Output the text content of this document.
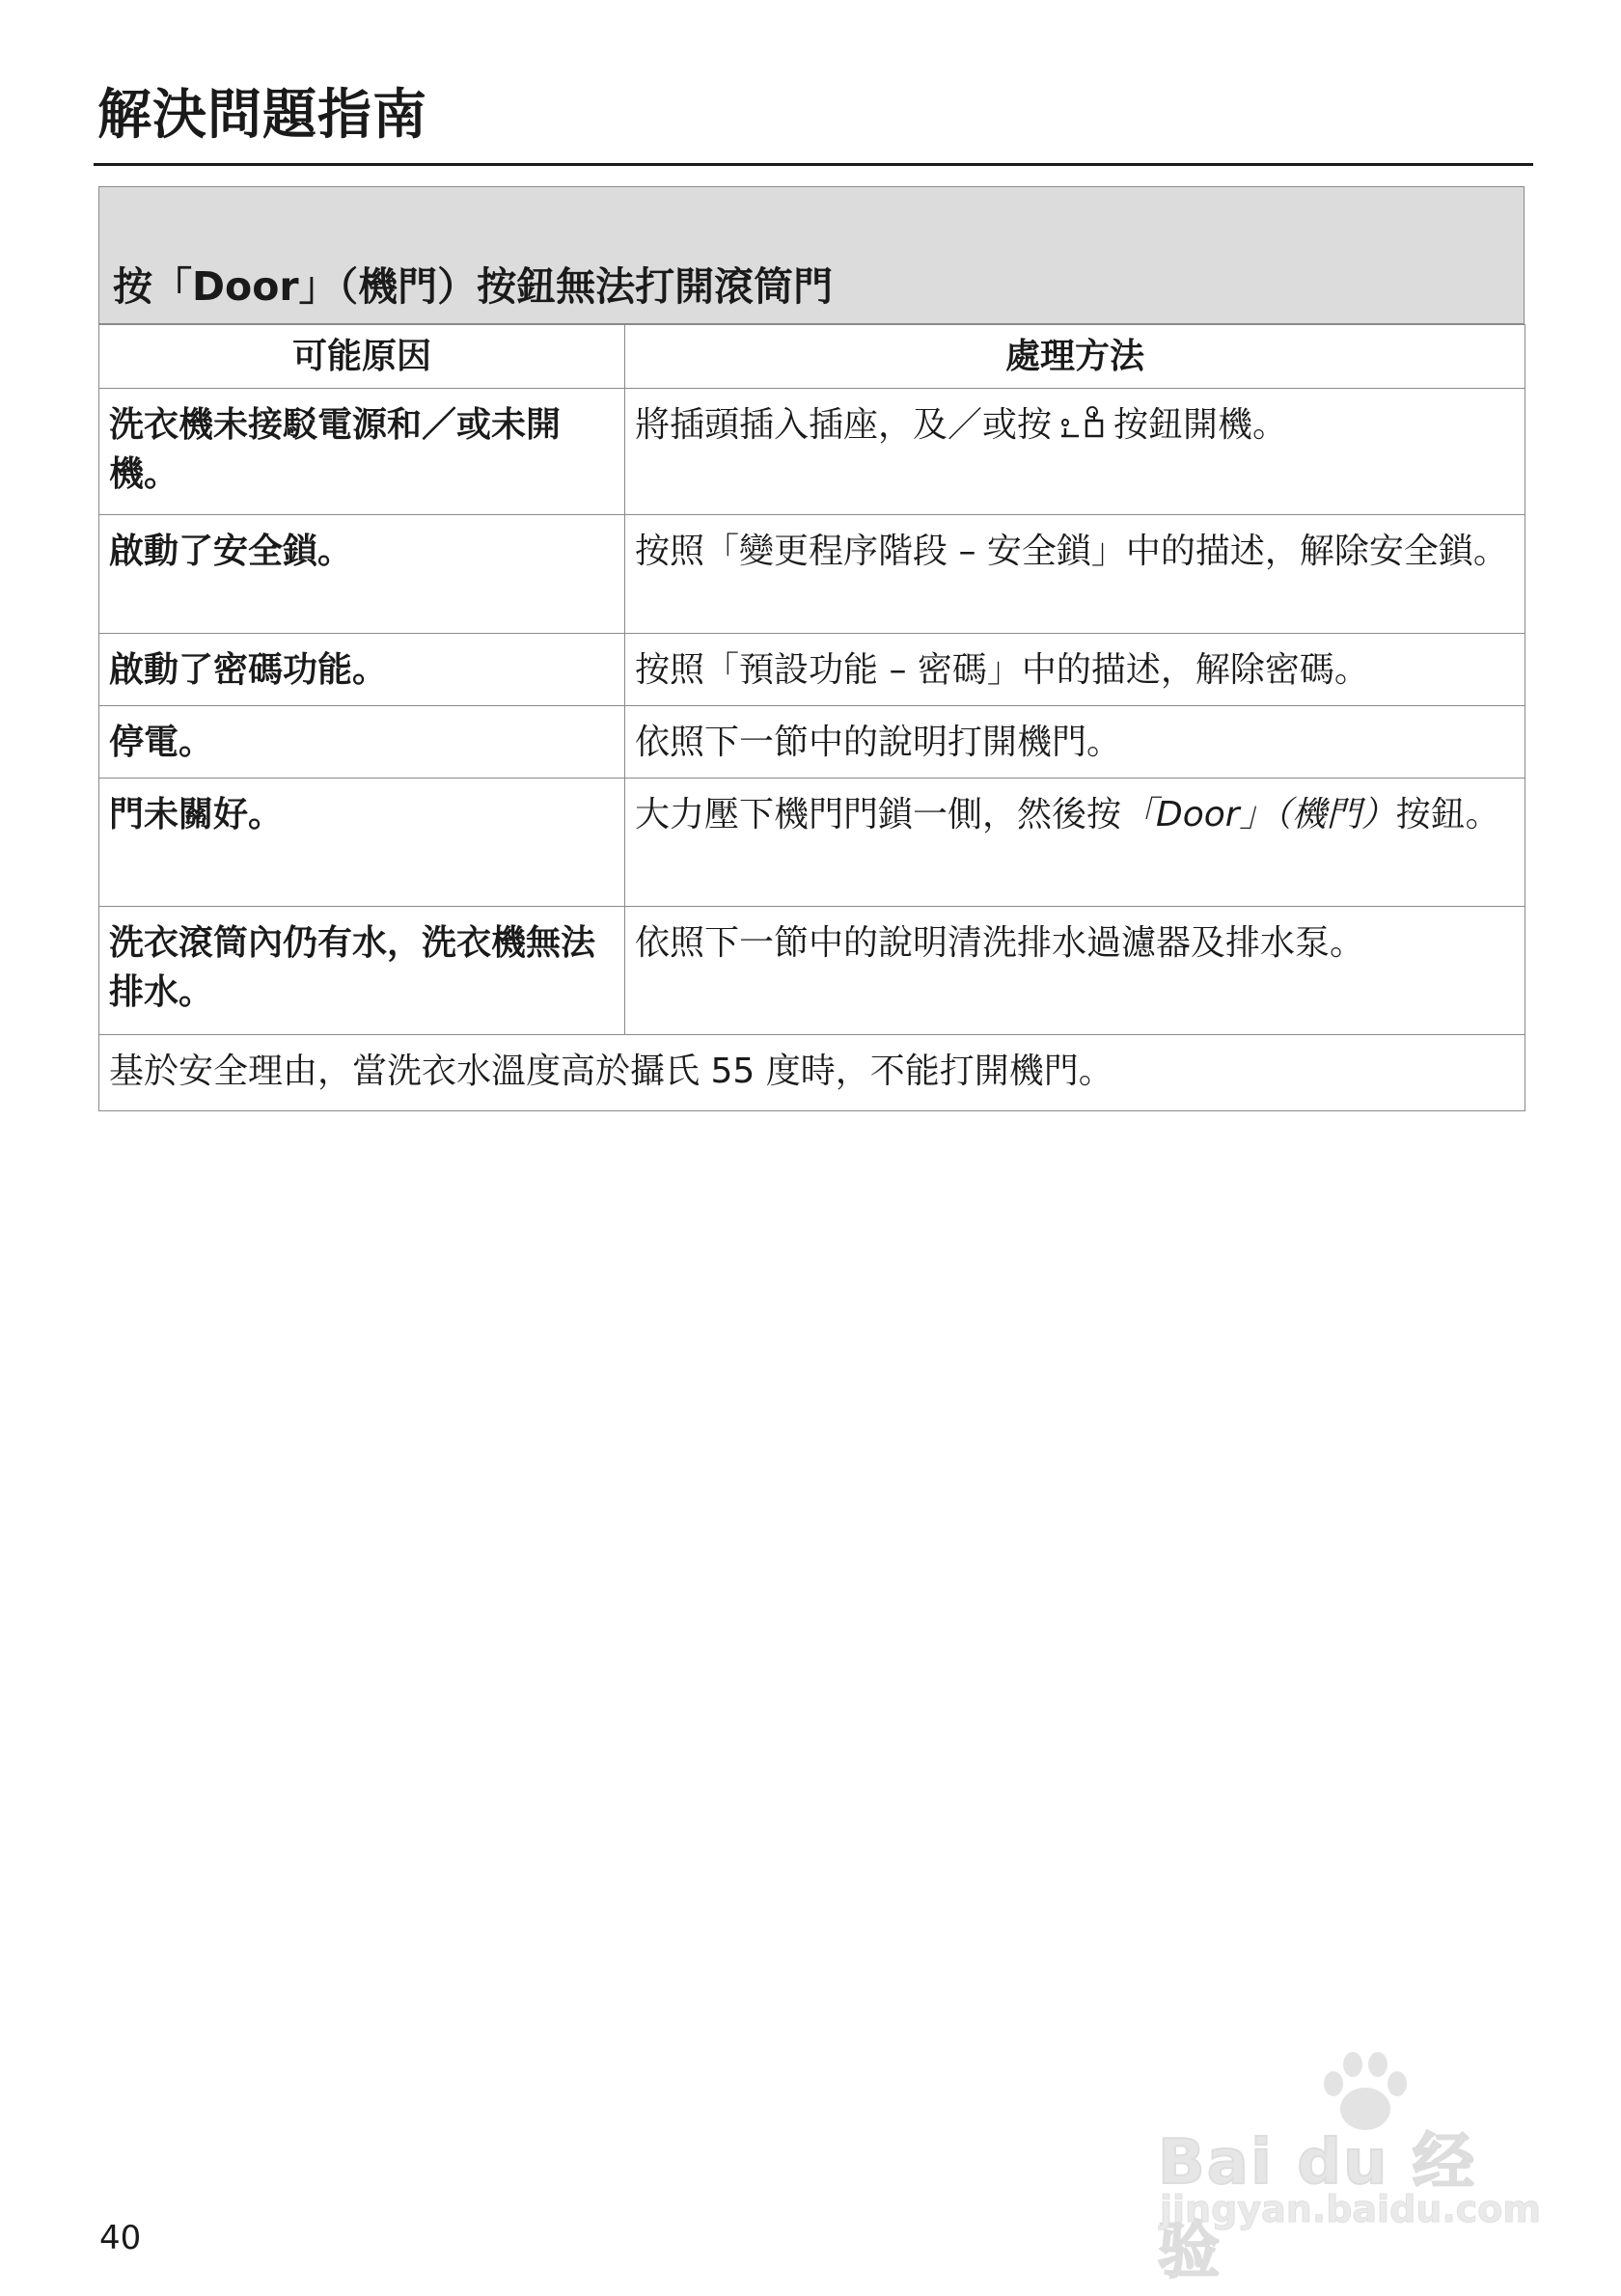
解決問題指南
按「Door」（機門）按鈕無法打開滾筒門
可能原因	處理方法
洗衣機未接駁電源和／或未開機。	將插頭插入插座，及／或按 按鈕開機。
啟動了安全鎖。	按照「變更程序階段 – 安全鎖」中的描述，解除安全鎖。
啟動了密碼功能。	按照「預設功能 – 密碼」中的描述，解除密碼。
停電。	依照下一節中的說明打開機門。
門未關好。	大力壓下機門門鎖一側，然後按「Door」（機門）按鈕。
洗衣滾筒內仍有水，洗衣機無法排水。	依照下一節中的說明清洗排水過濾器及排水泵。
基於安全理由，當洗衣水溫度高於攝氏 55 度時，不能打開機門。	
40
Bai du 经验
jingyan.baidu.com
